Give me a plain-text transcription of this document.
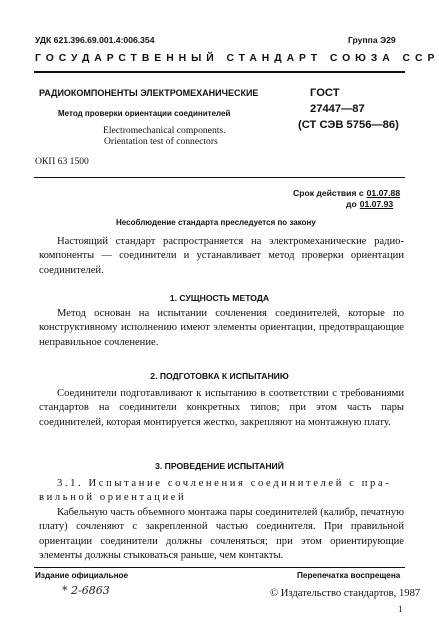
УДК 621.396.69.001.4:006.354	Группа Э29
ГОСУДАРСТВЕННЫЙ СТАНДАРТ СОЮЗА ССР
РАДИОКОМПОНЕНТЫ ЭЛЕКТРОМЕХАНИЧЕСКИЕ
Метод проверки ориентации соединителей
Electromechanical components.
Orientation test of connectors
ОКП 63 1500
ГОСТ
27447—87
(СТ СЭВ 5756—86)
Срок действия с 01.07.88
до 01.07.93
Несоблюдение стандарта преследуется по закону
Настоящий стандарт распространяется на электромеханические радио-компоненты — соединители и устанавливает метод проверки ориентации соединителей.
1. СУЩНОСТЬ МЕТОДА
Метод основан на испытании сочленения соединителей, которые по конструктивному исполнению имеют элементы ориентации, предотвращающие неправильное сочленение.
2. ПОДГОТОВКА К ИСПЫТАНИЮ
Соединители подготавливают к испытанию в соответствии с требованиями стандартов на соединители конкретных типов; при этом часть пары соединителей, которая монтируется жестко, закрепляют на монтажную плату.
3. ПРОВЕДЕНИЕ ИСПЫТАНИЙ
3.1. Испытание сочленения соединителей с пра-
вильной ориентацией
Кабельную часть объемного монтажа пары соединителей (калибр, печатную плату) сочленяют с закрепленной частью соединителя. При правильной ориентации соединители должны сочленяться; при этом ориентирующие элементы должны стыковаться раньше, чем контакты.
Издание официальное	Перепечатка воспрещена
* 2-6863	© Издательство стандартов, 1987
1
